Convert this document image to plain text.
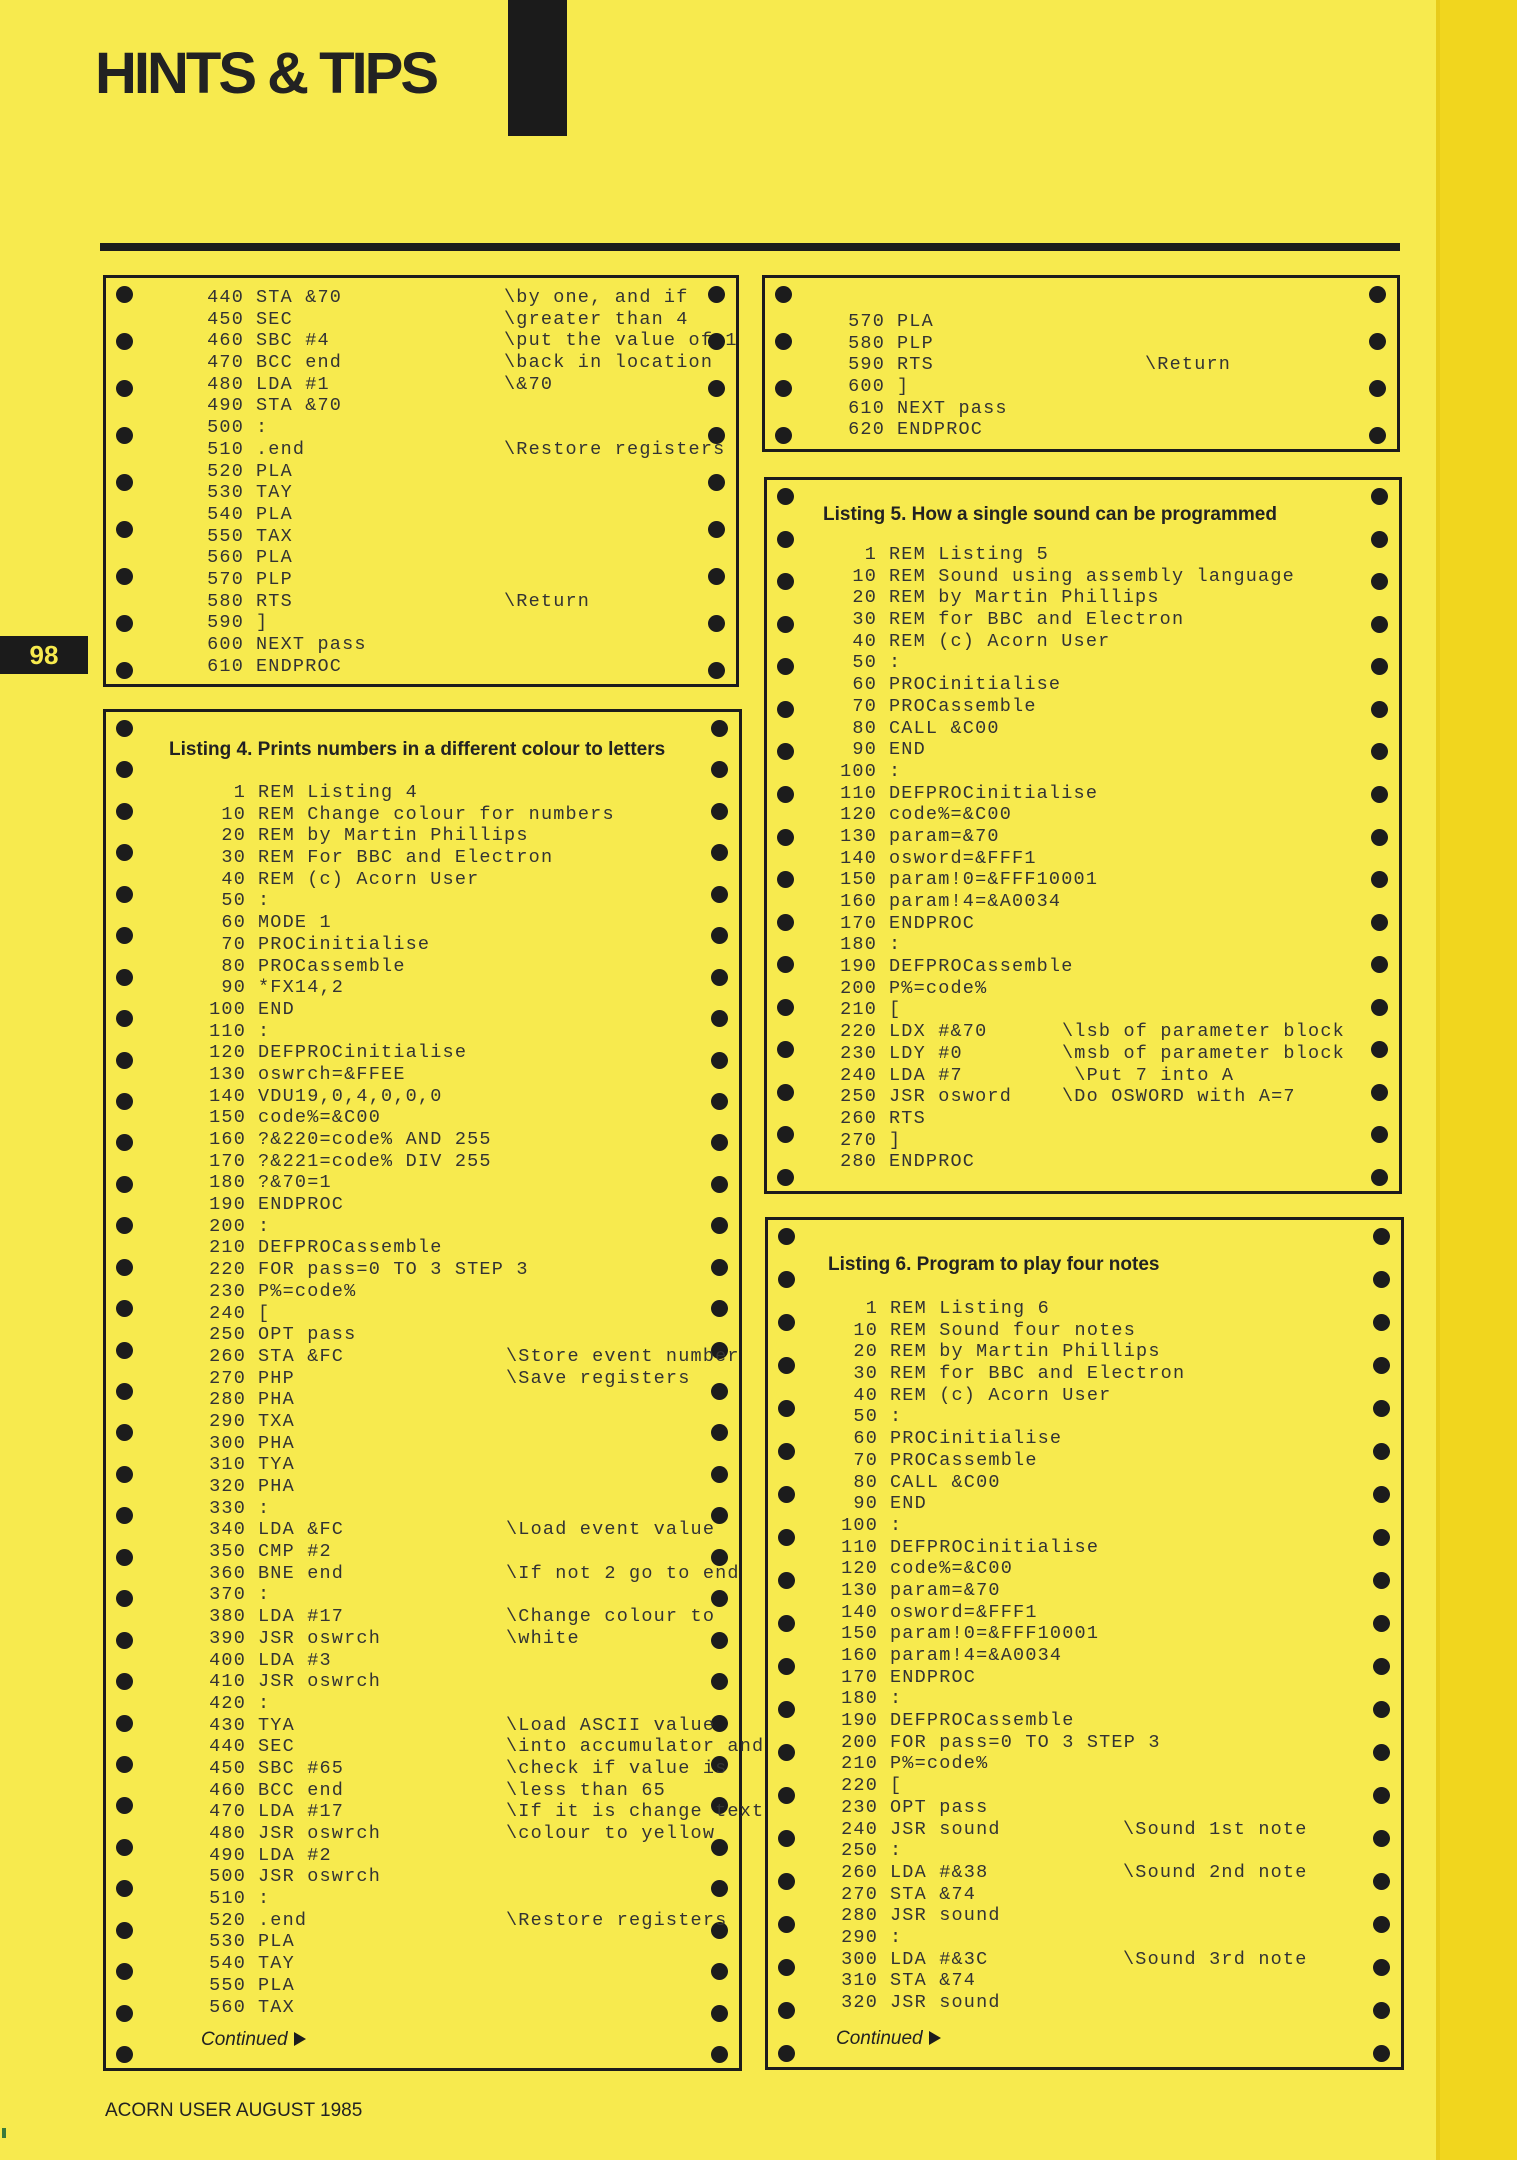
HINTS & TIPS
98
440 STA &70	\by one, and if
450 SEC	\greater than 4
460 SBC #4	\put the value of 1
470 BCC end	\back in location
480 LDA #1	\&70
490 STA &70
500 :
510 .end	\Restore registers
520 PLA
530 TAY
540 PLA
550 TAX
560 PLA
570 PLP
580 RTS	\Return
590 ]
600 NEXT pass
610 ENDPROC
Listing 4. Prints numbers in a different colour to letters
1 REM Listing 4
10 REM Change colour for numbers
20 REM by Martin Phillips
30 REM For BBC and Electron
40 REM (c) Acorn User
50 :
60 MODE 1
70 PROCinitialise
80 PROCassemble
90 *FX14,2
100 END
110 :
120 DEFPROCinitialise
130 oswrch=&FFEE
140 VDU19,0,4,0,0,0
150 code%=&C00
160 ?&220=code% AND 255
170 ?&221=code% DIV 255
180 ?&70=1
190 ENDPROC
200 :
210 DEFPROCassemble
220 FOR pass=0 TO 3 STEP 3
230 P%=code%
240 [
250 OPT pass
260 STA &FC	\Store event number
270 PHP	\Save registers
280 PHA
290 TXA
300 PHA
310 TYA
320 PHA
330 :
340 LDA &FC	\Load event value
350 CMP #2
360 BNE end	\If not 2 go to end
370 :
380 LDA #17	\Change colour to
390 JSR oswrch	\white
400 LDA #3
410 JSR oswrch
420 :
430 TYA	\Load ASCII value
440 SEC	\into accumulator and
450 SBC #65	\check if value is
460 BCC end	\less than 65
470 LDA #17	\If it is change text
480 JSR oswrch	\colour to yellow
490 LDA #2
500 JSR oswrch
510 :
520 .end	\Restore registers
530 PLA
540 TAY
550 PLA
560 TAX
Continued
570 PLA
580 PLP
590 RTS	\Return
600 ]
610 NEXT pass
620 ENDPROC
Listing 5. How a single sound can be programmed
1 REM Listing 5
10 REM Sound using assembly language
20 REM by Martin Phillips
30 REM for BBC and Electron
40 REM (c) Acorn User
50 :
60 PROCinitialise
70 PROCassemble
80 CALL &C00
90 END
100 :
110 DEFPROCinitialise
120 code%=&C00
130 param=&70
140 osword=&FFF1
150 param!0=&FFF10001
160 param!4=&A0034
170 ENDPROC
180 :
190 DEFPROCassemble
200 P%=code%
210 [
220 LDX #&70	\lsb of parameter block
230 LDY #0	\msb of parameter block
240 LDA #7	\Put 7 into A
250 JSR osword	\Do OSWORD with A=7
260 RTS
270 ]
280 ENDPROC
Listing 6. Program to play four notes
1 REM Listing 6
10 REM Sound four notes
20 REM by Martin Phillips
30 REM for BBC and Electron
40 REM (c) Acorn User
50 :
60 PROCinitialise
70 PROCassemble
80 CALL &C00
90 END
100 :
110 DEFPROCinitialise
120 code%=&C00
130 param=&70
140 osword=&FFF1
150 param!0=&FFF10001
160 param!4=&A0034
170 ENDPROC
180 :
190 DEFPROCassemble
200 FOR pass=0 TO 3 STEP 3
210 P%=code%
220 [
230 OPT pass
240 JSR sound	\Sound 1st note
250 :
260 LDA #&38	\Sound 2nd note
270 STA &74
280 JSR sound
290 :
300 LDA #&3C	\Sound 3rd note
310 STA &74
320 JSR sound
Continued
ACORN USER AUGUST 1985
